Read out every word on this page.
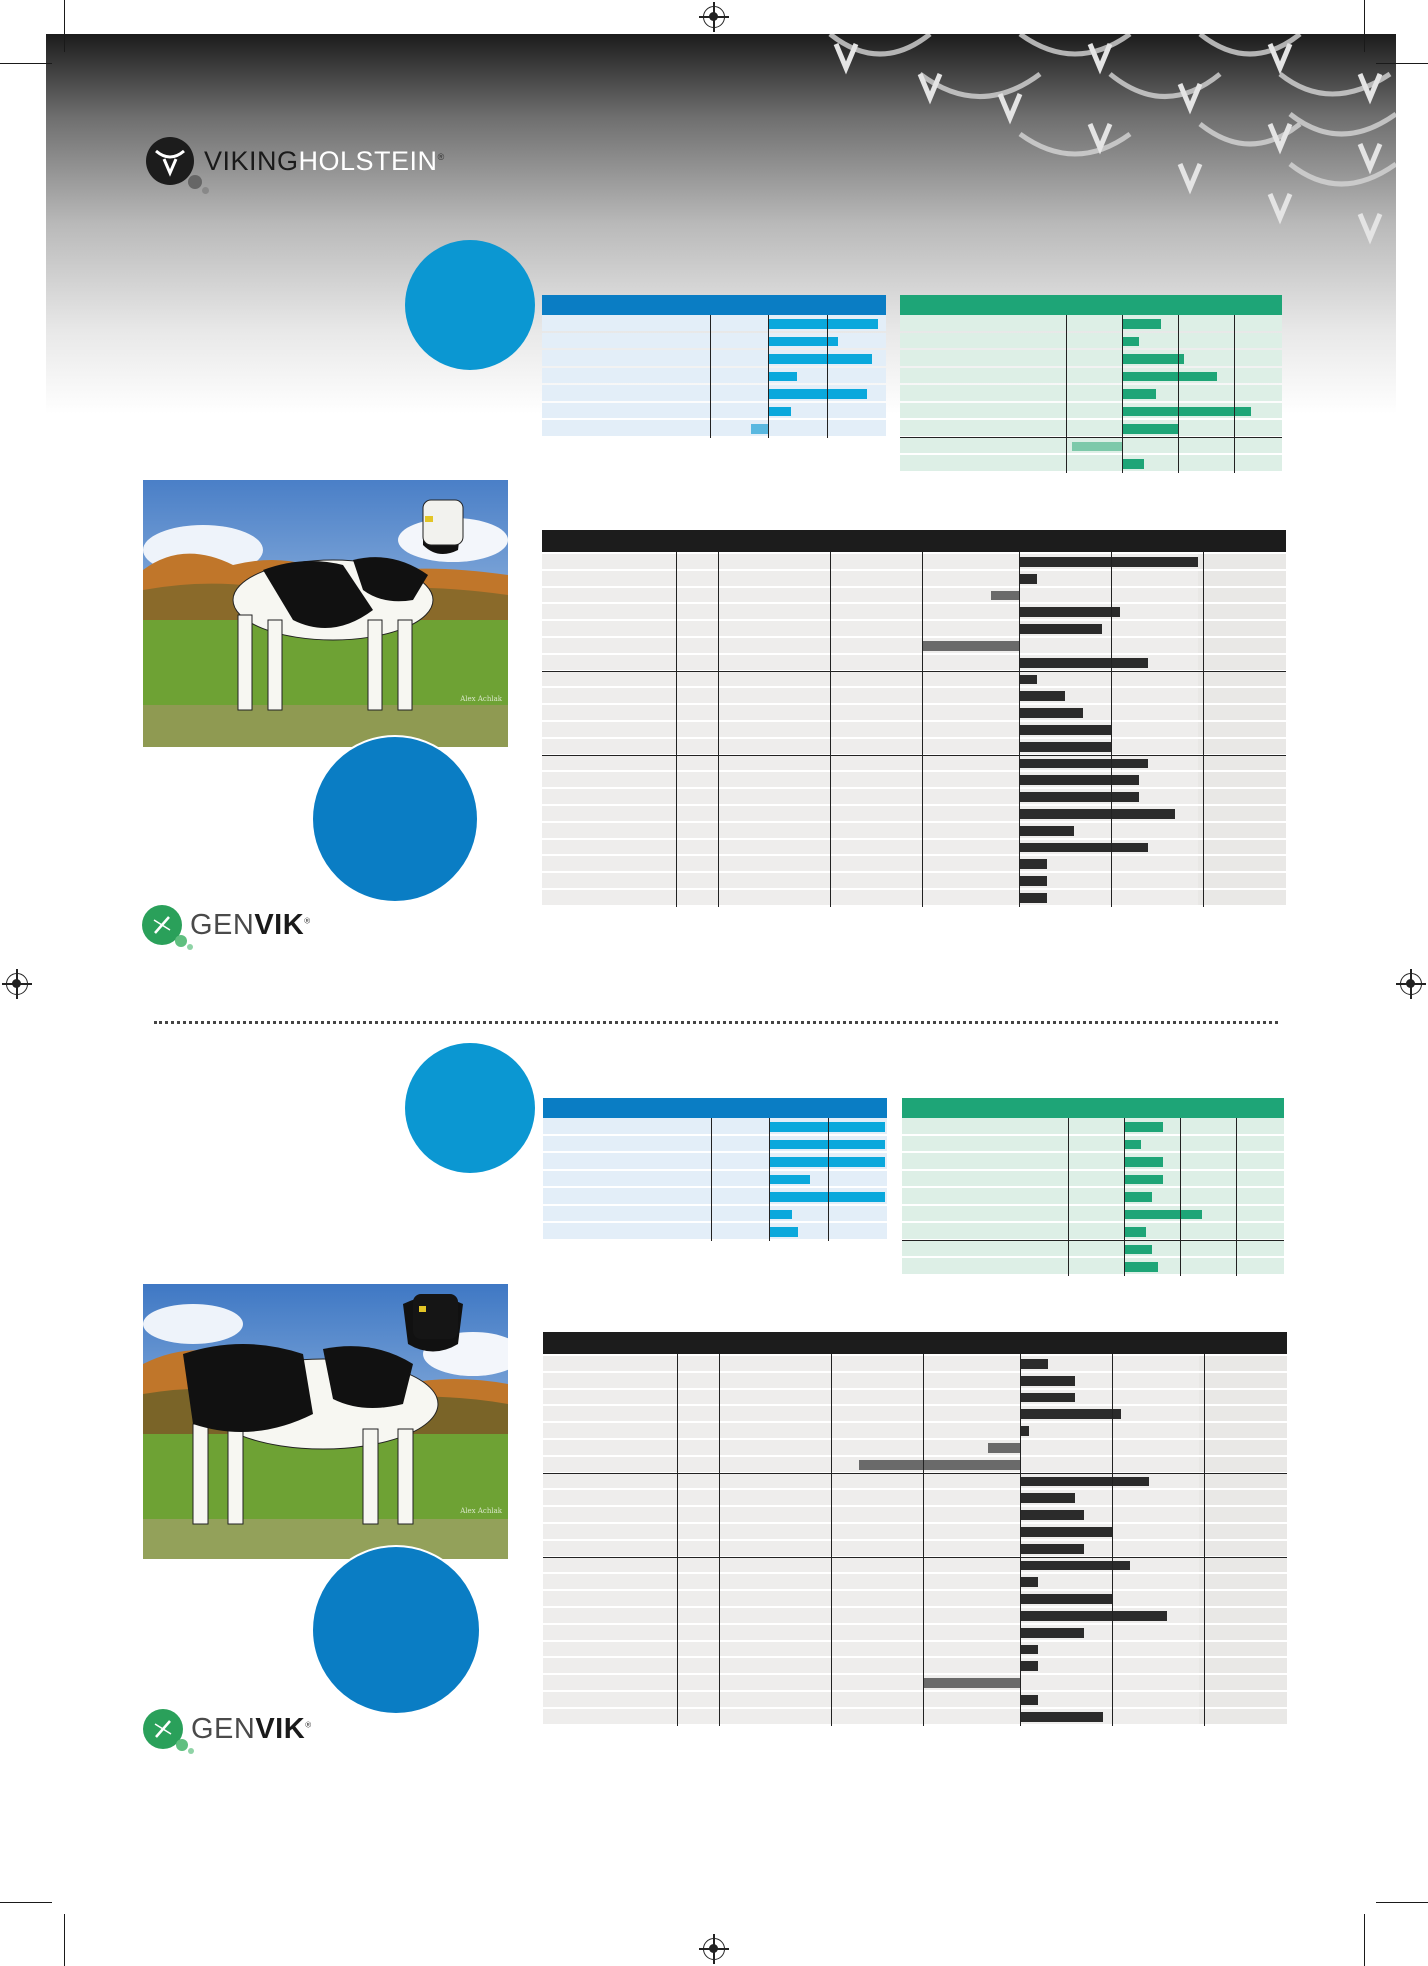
VIKINGHOLSTEIN®
Alex Achlak
GENVIK®
Alex Achlak
GENVIK®
